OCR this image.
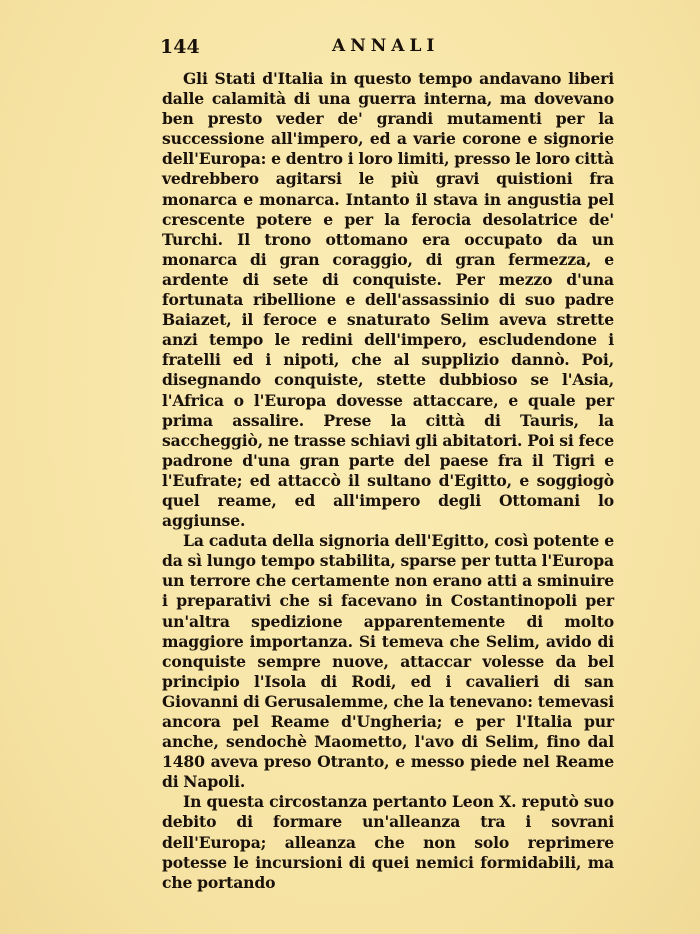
144	ANNALI

Gli Stati d'Italia in questo tempo andavano liberi dalle calamità di una guerra interna, ma dovevano ben presto veder de' grandi mutamenti per la successione all'impero, ed a varie corone e signorie dell'Europa: e dentro i loro limiti, presso le loro città vedrebbero agitarsi le più gravi quistioni fra monarca e monarca. Intanto il stava in angustia pel crescente potere e per la ferocia desolatrice de' Turchi. Il trono ottomano era occupato da un monarca di gran coraggio, di gran fermezza, e ardente di sete di conquiste. Per mezzo d'una fortunata ribellione e dell'assassinio di suo padre Baiazet, il feroce e snaturato Selim aveva strette anzi tempo le redini dell'impero, escludendone i fratelli ed i nipoti, che al supplizio dannò. Poi, disegnando conquiste, stette dubbioso se l'Asia, l'Africa o l'Europa dovesse attaccare, e quale per prima assalire. Prese la città di Tauris, la saccheggiò, ne trasse schiavi gli abitatori. Poi si fece padrone d'una gran parte del paese fra il Tigri e l'Eufrate; ed attaccò il sultano d'Egitto, e soggiogò quel reame, ed all'impero degli Ottomani lo aggiunse.

La caduta della signoria dell'Egitto, così potente e da sì lungo tempo stabilita, sparse per tutta l'Europa un terrore che certamente non erano atti a sminuire i preparativi che si facevano in Costantinopoli per un'altra spedizione apparentemente di molto maggiore importanza. Si temeva che Selim, avido di conquiste sempre nuove, attaccar volesse da bel principio l'Isola di Rodi, ed i cavalieri di san Giovanni di Gerusalemme, che la tenevano: temevasi ancora pel Reame d'Ungheria; e per l'Italia pur anche, sendochè Maometto, l'avo di Selim, fino dal 1480 aveva preso Otranto, e messo piede nel Reame di Napoli.

In questa circostanza pertanto Leon X. reputò suo debito di formare un'alleanza tra i sovrani dell'Europa; alleanza che non solo reprimere potesse le incursioni di quei nemici formidabili, ma che portando
